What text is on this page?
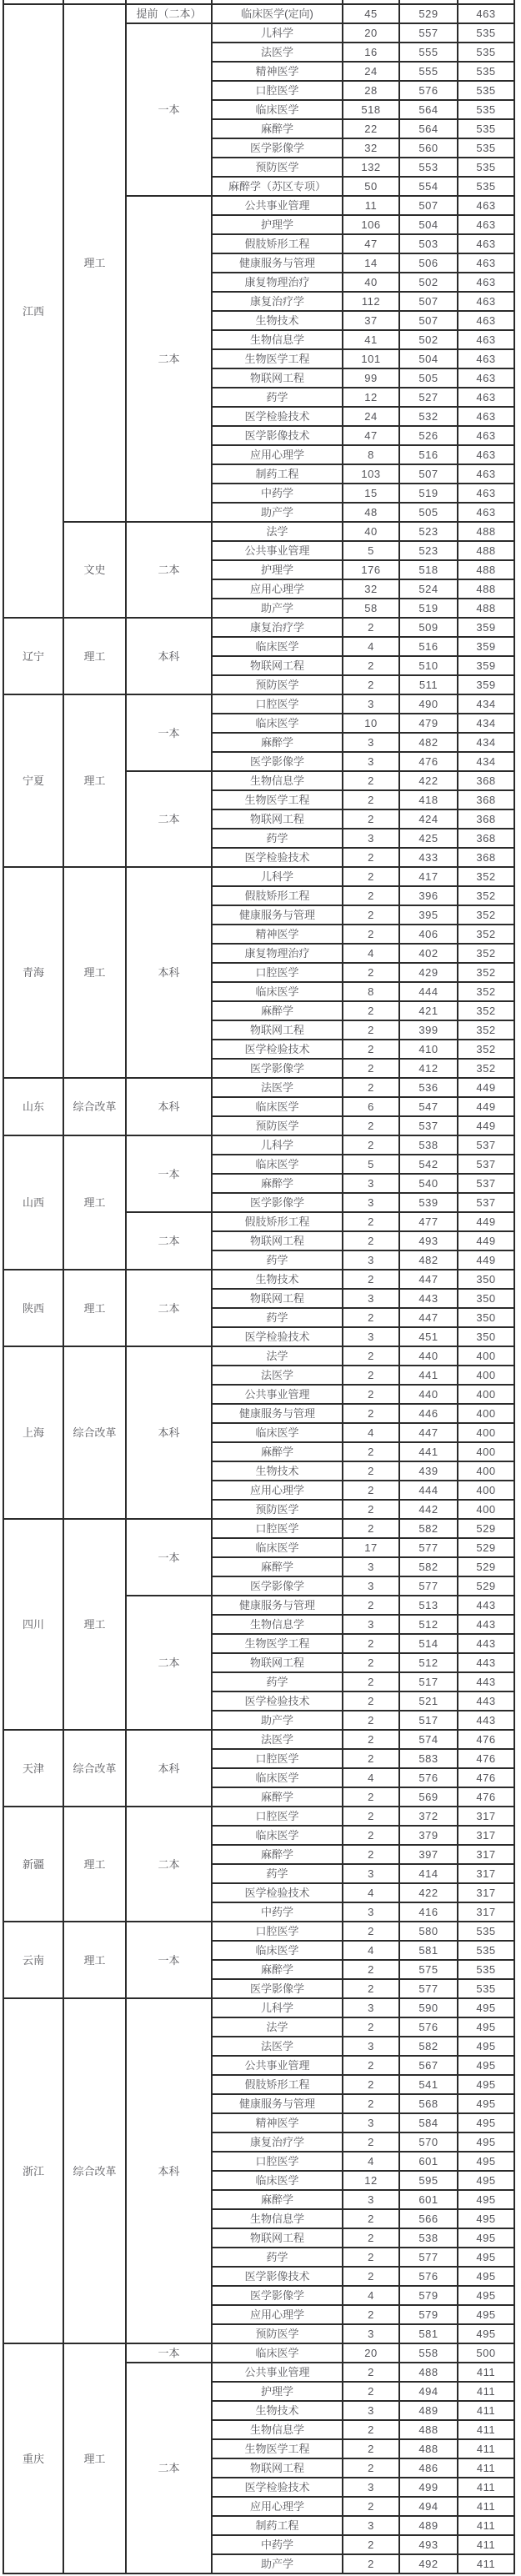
江西	理工	提前（二本）	临床医学(定向)	45	529	463
		一本	儿科学	20	557	535
			法医学	16	555	535
			精神医学	24	555	535
			口腔医学	28	576	535
			临床医学	518	564	535
			麻醉学	22	564	535
			医学影像学	32	560	535
			预防医学	132	553	535
			麻醉学（苏区专项）	50	554	535
		二本	公共事业管理	11	507	463
			护理学	106	504	463
			假肢矫形工程	47	503	463
			健康服务与管理	14	506	463
			康复物理治疗	40	502	463
			康复治疗学	112	507	463
			生物技术	37	507	463
			生物信息学	41	502	463
			生物医学工程	101	504	463
			物联网工程	99	505	463
			药学	12	527	463
			医学检验技术	24	532	463
			医学影像技术	47	526	463
			应用心理学	8	516	463
			制药工程	103	507	463
			中药学	15	519	463
			助产学	48	505	463
	文史	二本	法学	40	523	488
			公共事业管理	5	523	488
			护理学	176	518	488
			应用心理学	32	524	488
			助产学	58	519	488
辽宁	理工	本科	康复治疗学	2	509	359
			临床医学	4	516	359
			物联网工程	2	510	359
			预防医学	2	511	359
宁夏	理工	一本	口腔医学	3	490	434
			临床医学	10	479	434
			麻醉学	3	482	434
			医学影像学	3	476	434
		二本	生物信息学	2	422	368
			生物医学工程	2	418	368
			物联网工程	2	424	368
			药学	3	425	368
			医学检验技术	2	433	368
青海	理工	本科	儿科学	2	417	352
			假肢矫形工程	2	396	352
			健康服务与管理	2	395	352
			精神医学	2	406	352
			康复物理治疗	4	402	352
			口腔医学	2	429	352
			临床医学	8	444	352
			麻醉学	2	421	352
			物联网工程	2	399	352
			医学检验技术	2	410	352
			医学影像学	2	412	352
山东	综合改革	本科	法医学	2	536	449
			临床医学	6	547	449
			预防医学	2	537	449
山西	理工	一本	儿科学	2	538	537
			临床医学	5	542	537
			麻醉学	3	540	537
			医学影像学	3	539	537
		二本	假肢矫形工程	2	477	449
			物联网工程	2	493	449
			药学	3	482	449
陕西	理工	二本	生物技术	2	447	350
			物联网工程	3	443	350
			药学	2	447	350
			医学检验技术	3	451	350
上海	综合改革	本科	法学	2	440	400
			法医学	2	441	400
			公共事业管理	2	440	400
			健康服务与管理	2	446	400
			临床医学	4	447	400
			麻醉学	2	441	400
			生物技术	2	439	400
			应用心理学	2	444	400
			预防医学	2	442	400
四川	理工	一本	口腔医学	2	582	529
			临床医学	17	577	529
			麻醉学	3	582	529
			医学影像学	3	577	529
		二本	健康服务与管理	2	513	443
			生物信息学	3	512	443
			生物医学工程	2	514	443
			物联网工程	2	512	443
			药学	2	517	443
			医学检验技术	2	521	443
			助产学	2	517	443
天津	综合改革	本科	法医学	2	574	476
			口腔医学	2	583	476
			临床医学	4	576	476
			麻醉学	2	569	476
新疆	理工	二本	口腔医学	2	372	317
			临床医学	2	379	317
			麻醉学	2	397	317
			药学	3	414	317
			医学检验技术	4	422	317
			中药学	3	416	317
云南	理工	一本	口腔医学	2	580	535
			临床医学	4	581	535
			麻醉学	2	575	535
			医学影像学	2	577	535
浙江	综合改革	本科	儿科学	3	590	495
			法学	2	576	495
			法医学	3	582	495
			公共事业管理	2	567	495
			假肢矫形工程	2	541	495
			健康服务与管理	2	568	495
			精神医学	3	584	495
			康复治疗学	2	570	495
			口腔医学	4	601	495
			临床医学	12	595	495
			麻醉学	3	601	495
			生物信息学	2	566	495
			物联网工程	2	538	495
			药学	2	577	495
			医学影像技术	2	576	495
			医学影像学	4	579	495
			应用心理学	2	579	495
			预防医学	3	581	495
重庆	理工	一本	临床医学	20	558	500
		二本	公共事业管理	2	488	411
			护理学	2	494	411
			生物技术	3	489	411
			生物信息学	2	488	411
			生物医学工程	2	488	411
			物联网工程	2	486	411
			医学检验技术	3	499	411
			应用心理学	2	494	411
			制药工程	3	489	411
			中药学	2	493	411
			助产学	2	492	411
